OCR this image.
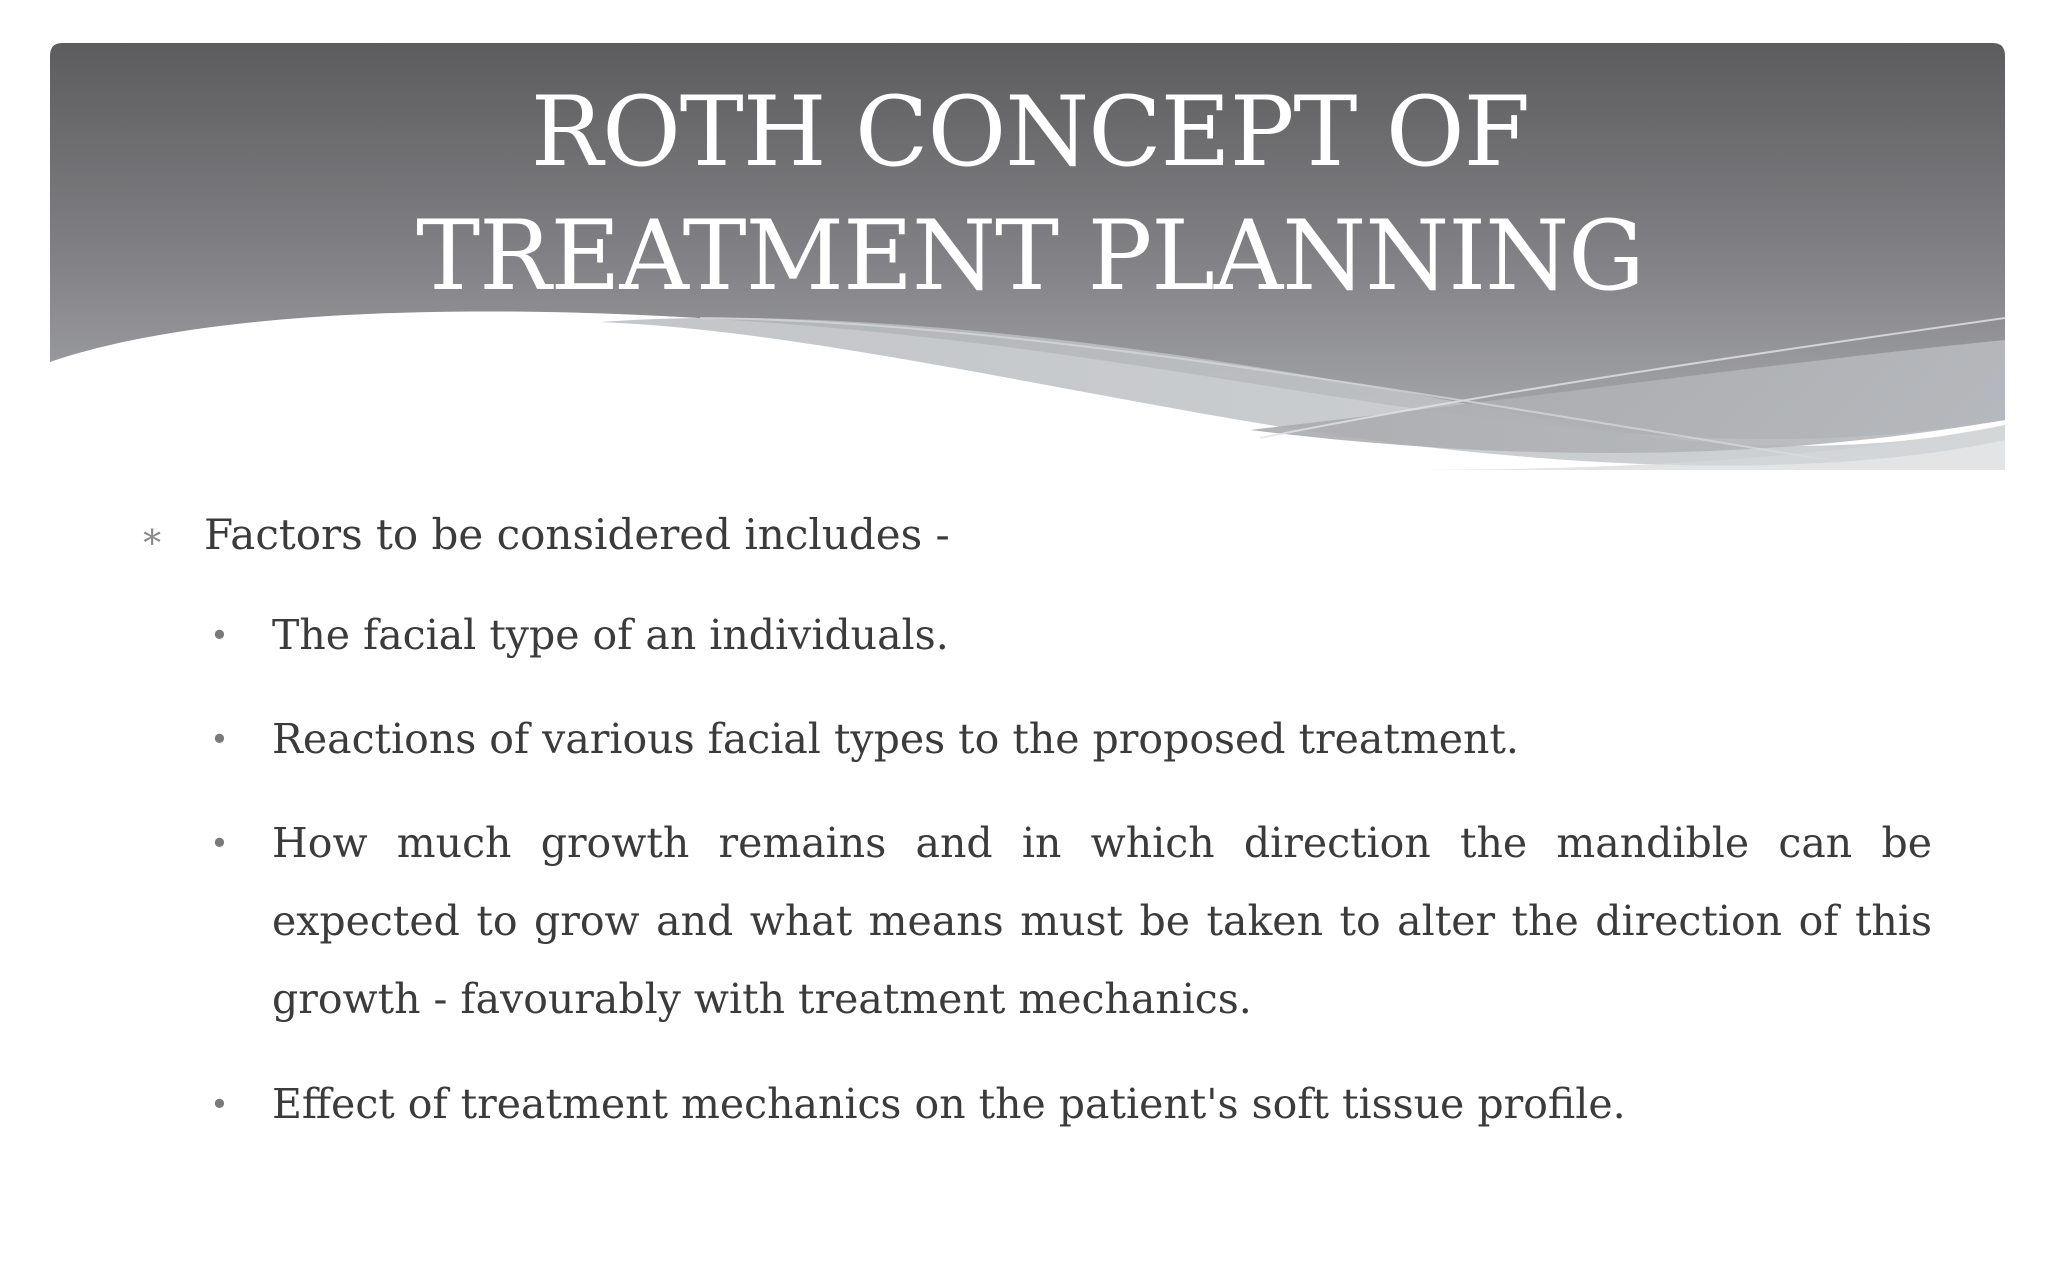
ROTH CONCEPT OF
TREATMENT PLANNING
∗ Factors to be considered includes -
• The facial type of an individuals.
• Reactions of various facial types to the proposed treatment.
• How much growth remains and in which direction the mandible can be expected to grow and what means must be taken to alter the direction of this growth - favourably with treatment mechanics.
• Effect of treatment mechanics on the patient's soft tissue profile.
